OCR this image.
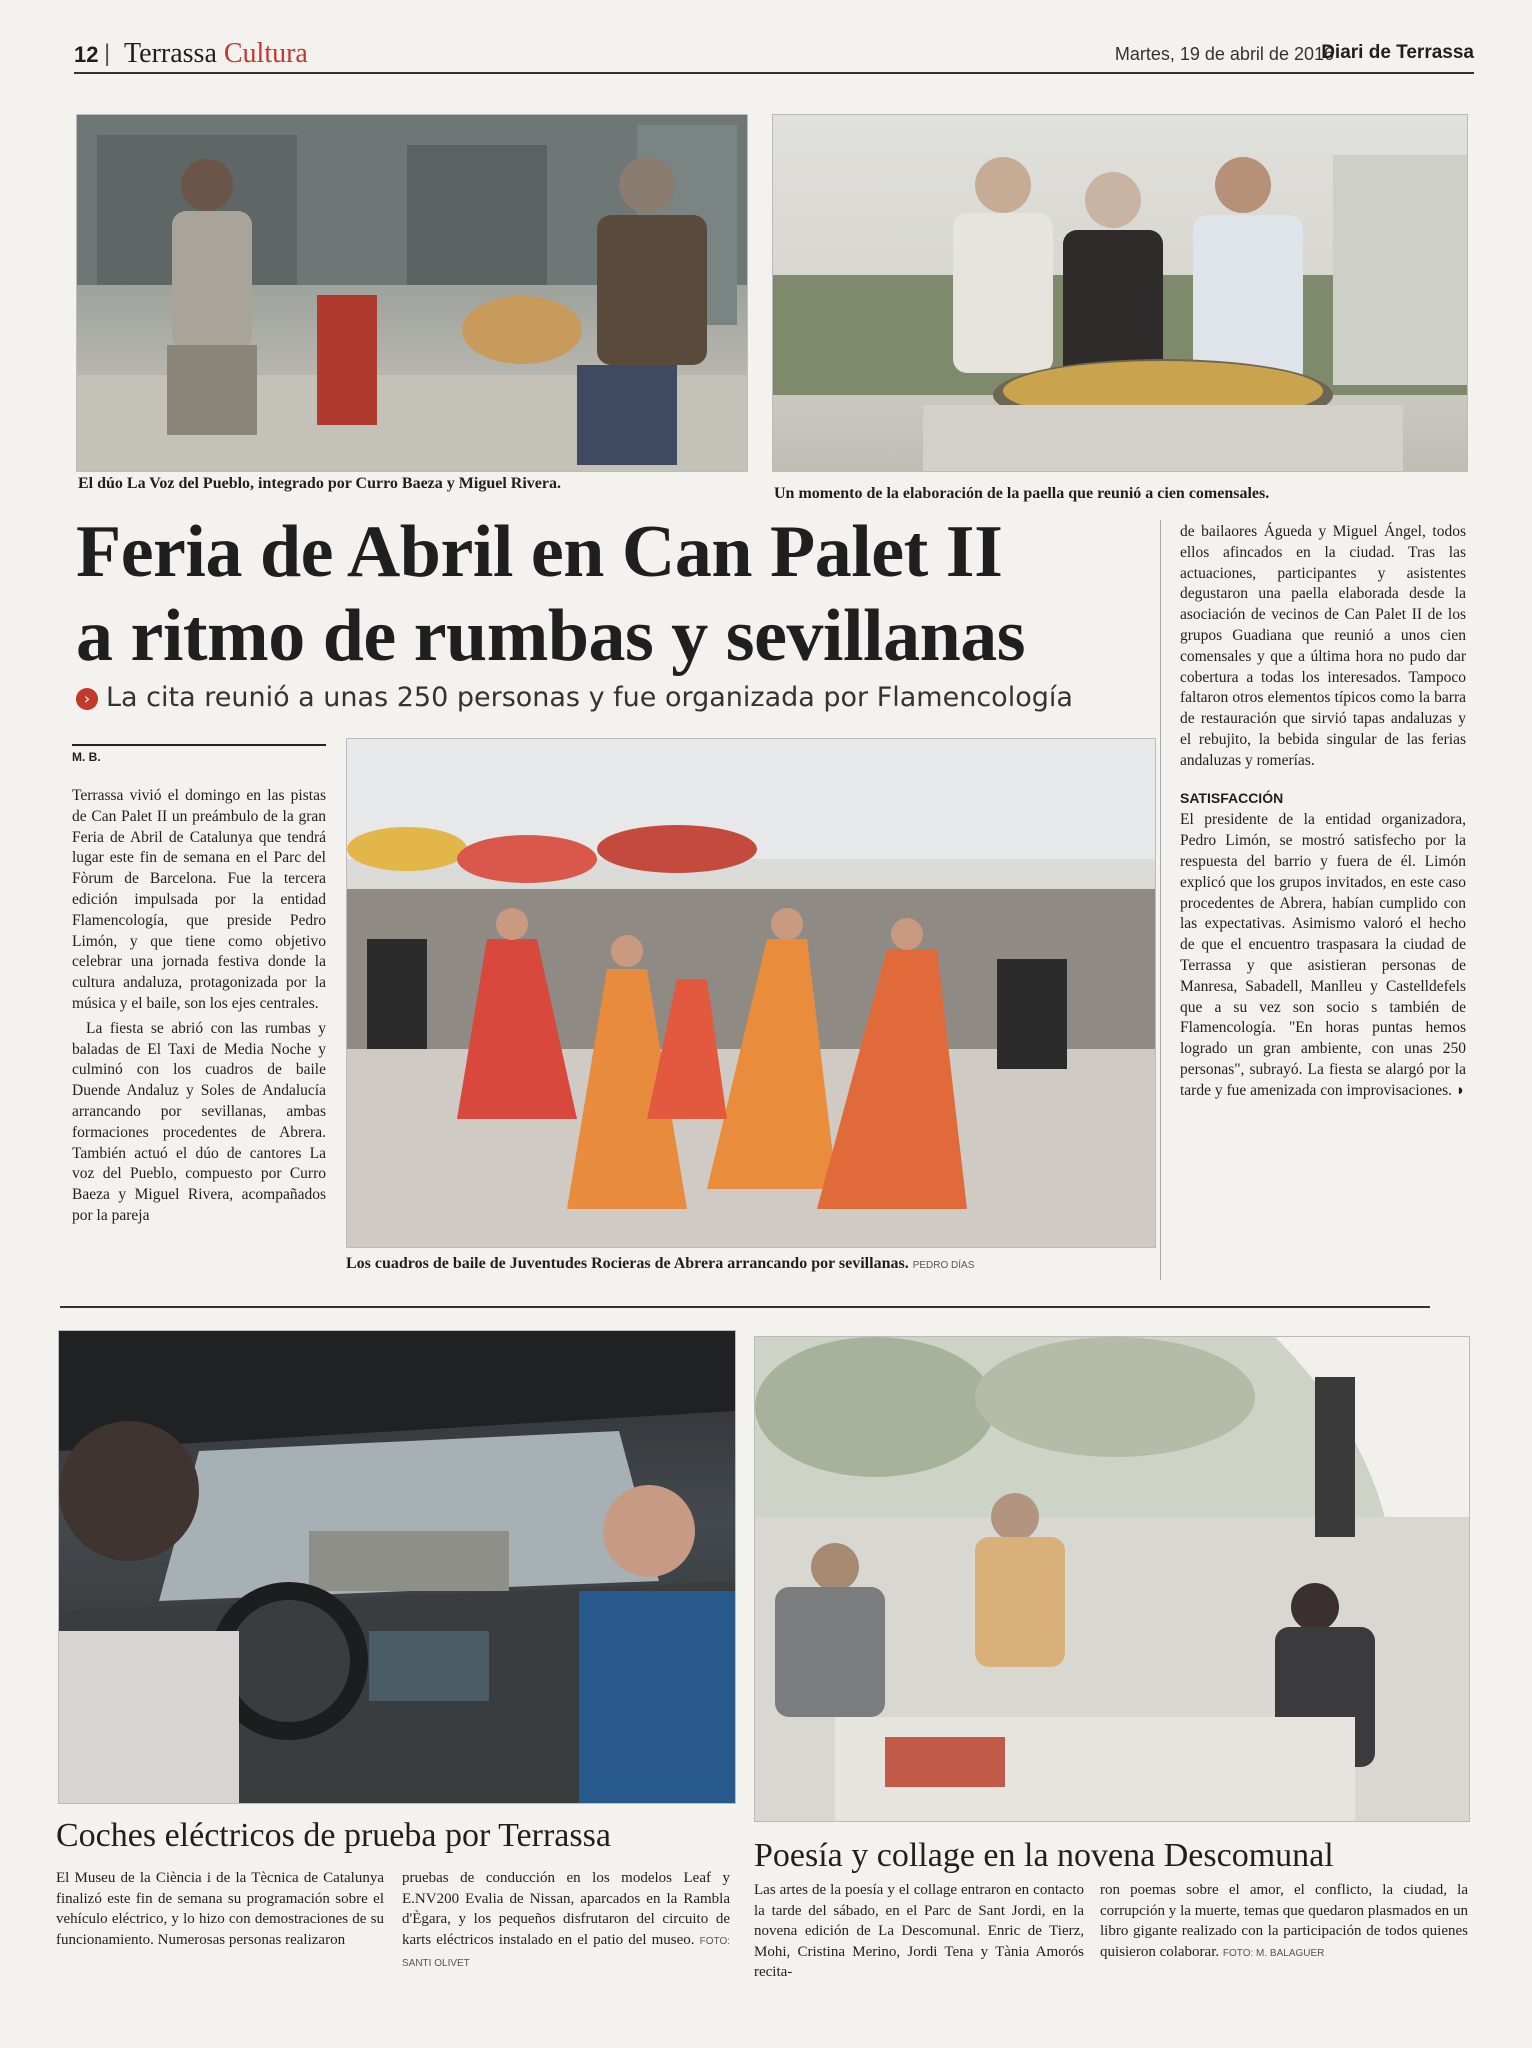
12 | Terrassa Cultura	Martes, 19 de abril de 2016
Diari de Terrassa
El dúo La Voz del Pueblo, integrado por Curro Baeza y Miguel Rivera.
Un momento de la elaboración de la paella que reunió a cien comensales.
Feria de Abril en Can Palet II
a ritmo de rumbas y sevillanas
› La cita reunió a unas 250 personas y fue organizada por Flamencología
M. B.

Terrassa vivió el domingo en las pistas de Can Palet II un preámbulo de la gran Feria de Abril de Catalunya que tendrá lugar este fin de semana en el Parc del Fòrum de Barcelona. Fue la tercera edición impulsada por la entidad Flamencología, que preside Pedro Limón, y que tiene como objetivo celebrar una jornada festiva donde la cultura andaluza, protagonizada por la música y el baile, son los ejes centrales.

La fiesta se abrió con las rumbas y baladas de El Taxi de Media Noche y culminó con los cuadros de baile Duende Andaluz y Soles de Andalucía arrancando por sevillanas, ambas formaciones procedentes de Abrera. También actuó el dúo de cantores La voz del Pueblo, compuesto por Curro Baeza y Miguel Rivera, acompañados por la pareja

Los cuadros de baile de Juventudes Rocieras de Abrera arrancando por sevillanas. PEDRO DÍAS

de bailaores Águeda y Miguel Ángel, todos ellos afincados en la ciudad. Tras las actuaciones, participantes y asistentes degustaron una paella elaborada desde la asociación de vecinos de Can Palet II de los grupos Guadiana que reunió a unos cien comensales y que a última hora no pudo dar cobertura a todas los interesados. Tampoco faltaron otros elementos típicos como la barra de restauración que sirvió tapas andaluzas y el rebujito, la bebida singular de las ferias andaluzas y romerías.

SATISFACCIÓN

El presidente de la entidad organizadora, Pedro Limón, se mostró satisfecho por la respuesta del barrio y fuera de él. Limón explicó que los grupos invitados, en este caso procedentes de Abrera, habían cumplido con las expectativas. Asimismo valoró el hecho de que el encuentro traspasara la ciudad de Terrassa y que asistieran personas de Manresa, Sabadell, Manlleu y Castelldefels que a su vez son socio s también de Flamencología. "En horas puntas hemos logrado un gran ambiente, con unas 250 personas", subrayó. La fiesta se alargó por la tarde y fue amenizada con improvisaciones. ◗

Coches eléctricos de prueba por Terrassa

El Museu de la Ciència i de la Tècnica de Catalunya finalizó este fin de semana su programación sobre el vehículo eléctrico, y lo hizo con demostraciones de su funcionamiento. Numerosas personas realizaron

pruebas de conducción en los modelos Leaf y E.NV200 Evalia de Nissan, aparcados en la Rambla d'Ègara, y los pequeños disfrutaron del circuito de karts eléctricos instalado en el patio del museo. FOTO: SANTI OLIVET

Poesía y collage en la novena Descomunal

Las artes de la poesía y el collage entraron en contacto la tarde del sábado, en el Parc de Sant Jordi, en la novena edición de La Descomunal. Enric de Tierz, Mohi, Cristina Merino, Jordi Tena y Tània Amorós recita-

ron poemas sobre el amor, el conflicto, la ciudad, la corrupción y la muerte, temas que quedaron plasmados en un libro gigante realizado con la participación de todos quienes quisieron colaborar. FOTO: M. BALAGUER
